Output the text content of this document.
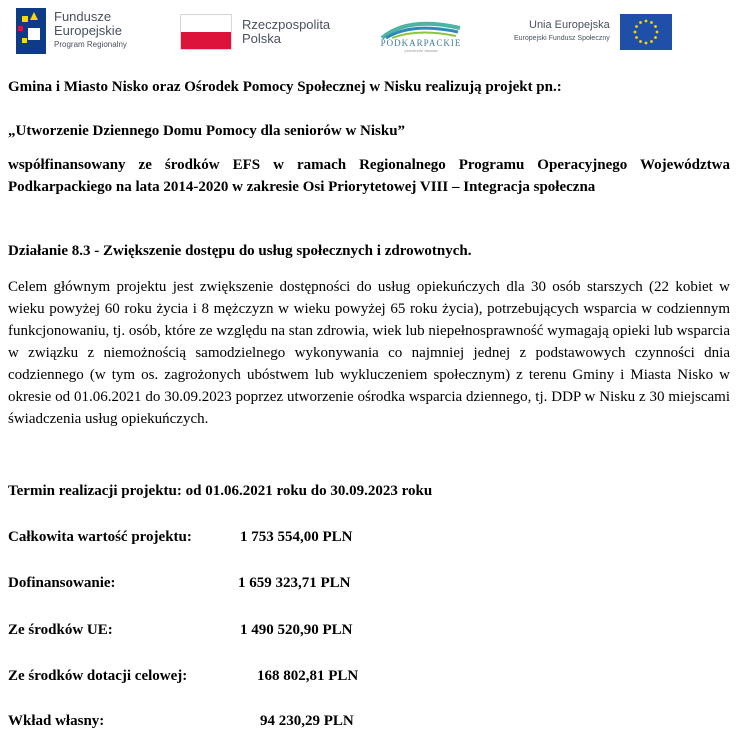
Fundusze
Europejskie
Program Regionalny
Rzeczpospolita
Polska	PODKARPACKIE
przestrzeń otwarta
Unia Europejska
Europejski Fundusz Społeczny

Gmina i Miasto Nisko oraz Ośrodek Pomocy Społecznej w Nisku realizują projekt pn.:

„Utworzenie Dziennego Domu Pomocy dla seniorów w Nisku”

współfinansowany ze środków EFS w ramach Regionalnego Programu Operacyjnego Województwa Podkarpackiego na lata 2014-2020 w zakresie Osi Priorytetowej VIII – Integracja społeczna

Działanie 8.3 - Zwiększenie dostępu do usług społecznych i zdrowotnych.

Celem głównym projektu jest zwiększenie dostępności do usług opiekuńczych dla 30 osób starszych (22 kobiet w wieku powyżej 60 roku życia i 8 mężczyzn w wieku powyżej 65 roku życia), potrzebujących wsparcia w codziennym funkcjonowaniu, tj. osób, które ze względu na stan zdrowia, wiek lub niepełnosprawność wymagają opieki lub wsparcia w związku z niemożnością samodzielnego wykonywania co najmniej jednej z podstawowych czynności dnia codziennego (w tym os. zagrożonych ubóstwem lub wykluczeniem społecznym) z terenu Gminy i Miasta Nisko w okresie od 01.06.2021 do 30.09.2023 poprzez utworzenie ośrodka wsparcia dziennego, tj. DDP w Nisku z 30 miejscami świadczenia usług opiekuńczych.

Termin realizacji projektu: od 01.06.2021 roku do 30.09.2023 roku

Całkowita wartość projektu:	1 753 554,00 PLN
Dofinansowanie:	1 659 323,71 PLN
Ze środków UE:	1 490 520,90 PLN
Ze środków dotacji celowej:	168 802,81 PLN
Wkład własny:	94 230,29 PLN
